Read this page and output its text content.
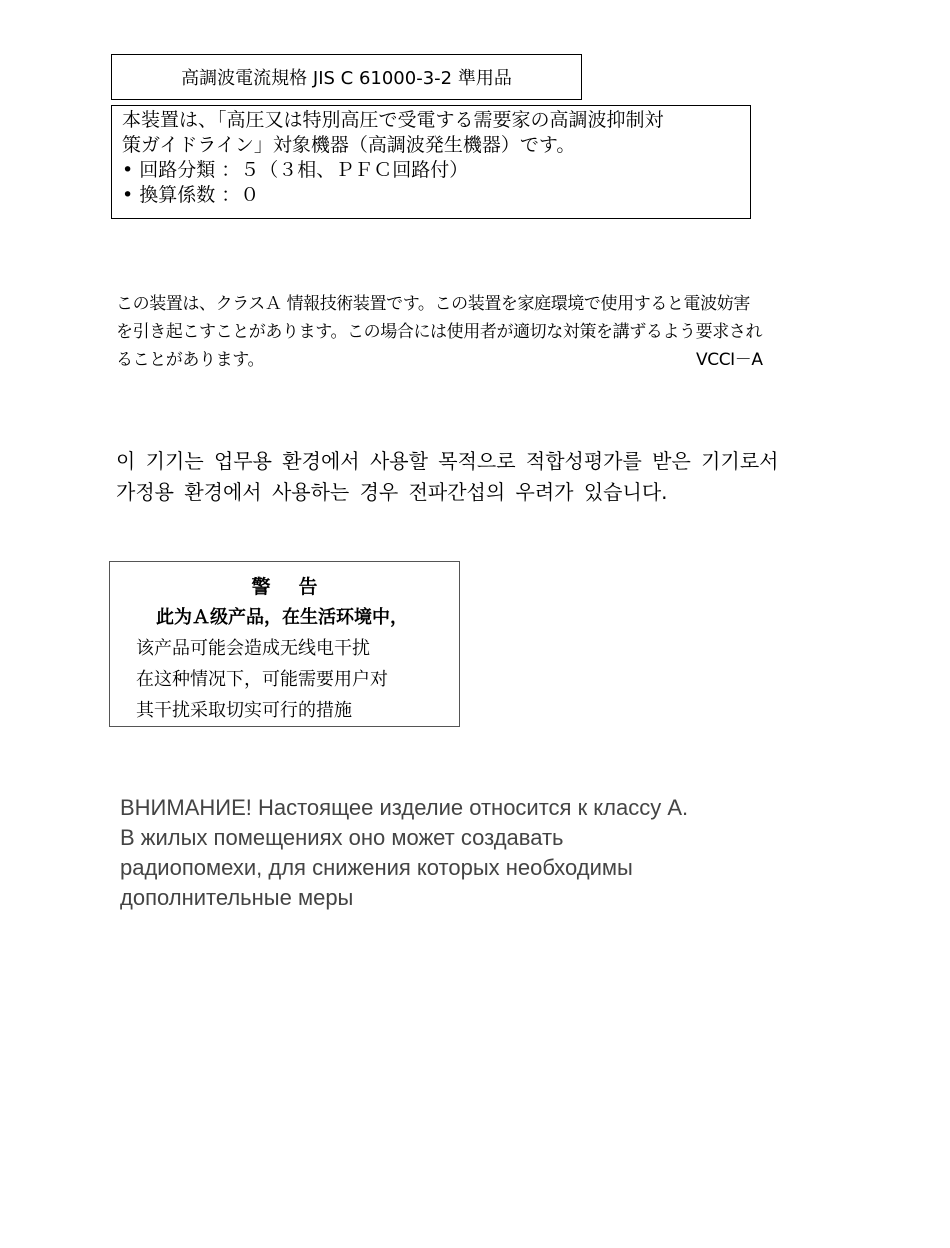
高調波電流規格 JIS C 61000-3-2 準用品

本装置は、「高圧又は特別高圧で受電する需要家の高調波抑制対

策ガイドライン」対象機器（高調波発生機器）です。

• 回路分類 ：５（３相、ＰＦＣ回路付）

• 換算係数 ：０

この装置は、クラスＡ 情報技術装置です。この装置を家庭環境で使用すると電波妨害

を引き起こすことがあります。この場合には使用者が適切な対策を講ずるよう要求され

ることがあります。	VCCI－A

이 기기는 업무용 환경에서 사용할 목적으로 적합성평가를 받은 기기로서

가정용 환경에서 사용하는 경우 전파간섭의 우려가 있습니다.

警告

此为Ａ级产品，在生活环境中，

该产品可能会造成无线电干扰

在这种情况下，可能需要用户对

其干扰采取切实可行的措施

ВНИМАНИЕ! Настоящее изделие относится к классу А.

В жилых помещениях оно может создавать

радиопомехи, для снижения которых необходимы

дополнительные меры
